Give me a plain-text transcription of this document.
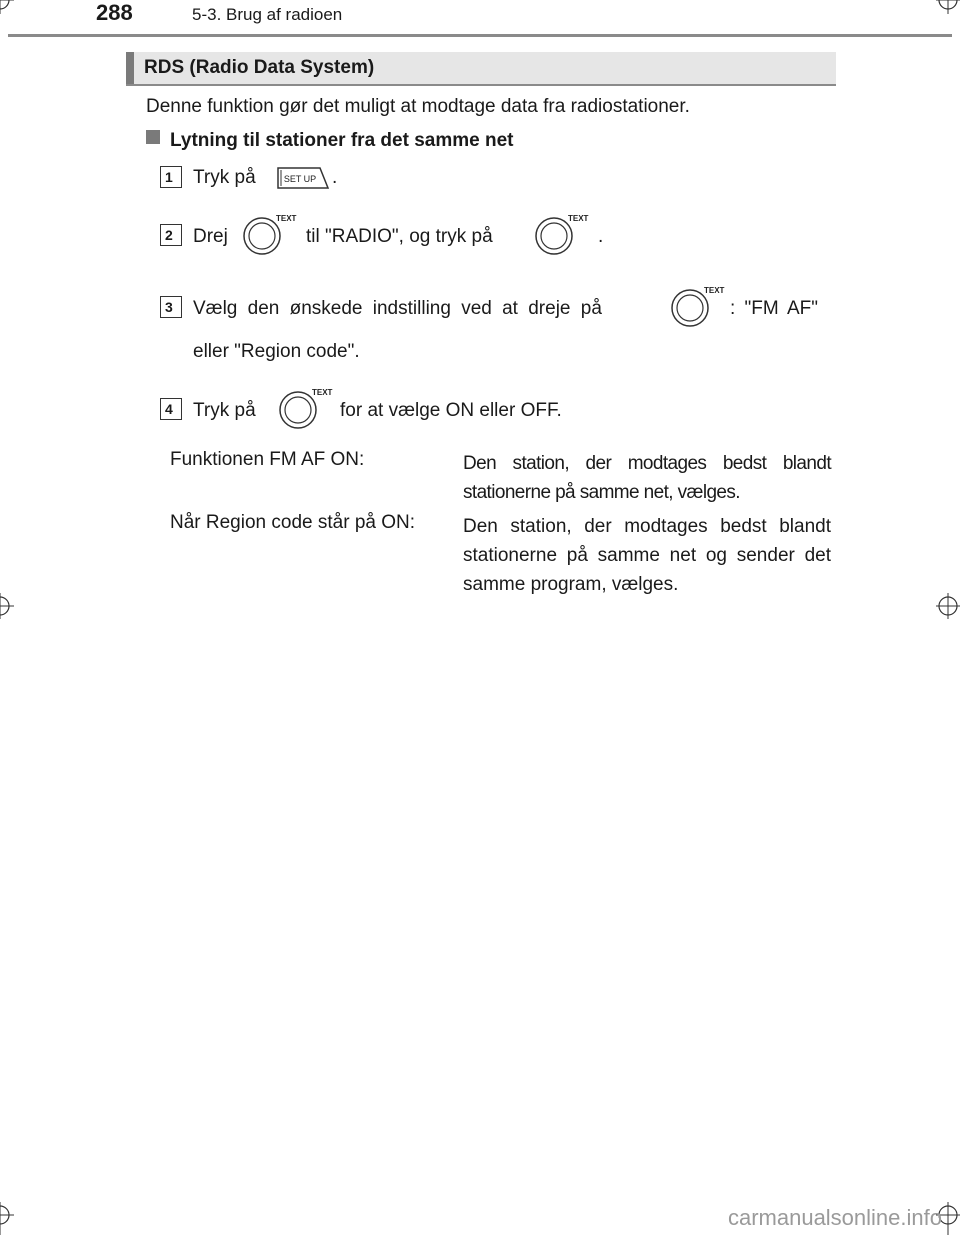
288	5-3. Brug af radioen
RDS (Radio Data System)
Denne funktion gør det muligt at modtage data fra radiostationer.
Lytning til stationer fra det samme net
1	Tryk på	SET UP .
2	Drej
TEXT
til "RADIO", og tryk på
TEXT
.
3	Vælg den ønskede indstilling ved at dreje på
TEXT
: "FM AF"
eller "Region code".
4	Tryk på
TEXT
for at vælge ON eller OFF.
Funktionen FM AF ON:	Den station, der modtages bedst blandt stationerne på samme net, vælges.
Når Region code står på ON:	Den station, der modtages bedst blandt stationerne på samme net og sender det samme program, vælges.
carmanualsonline.info
